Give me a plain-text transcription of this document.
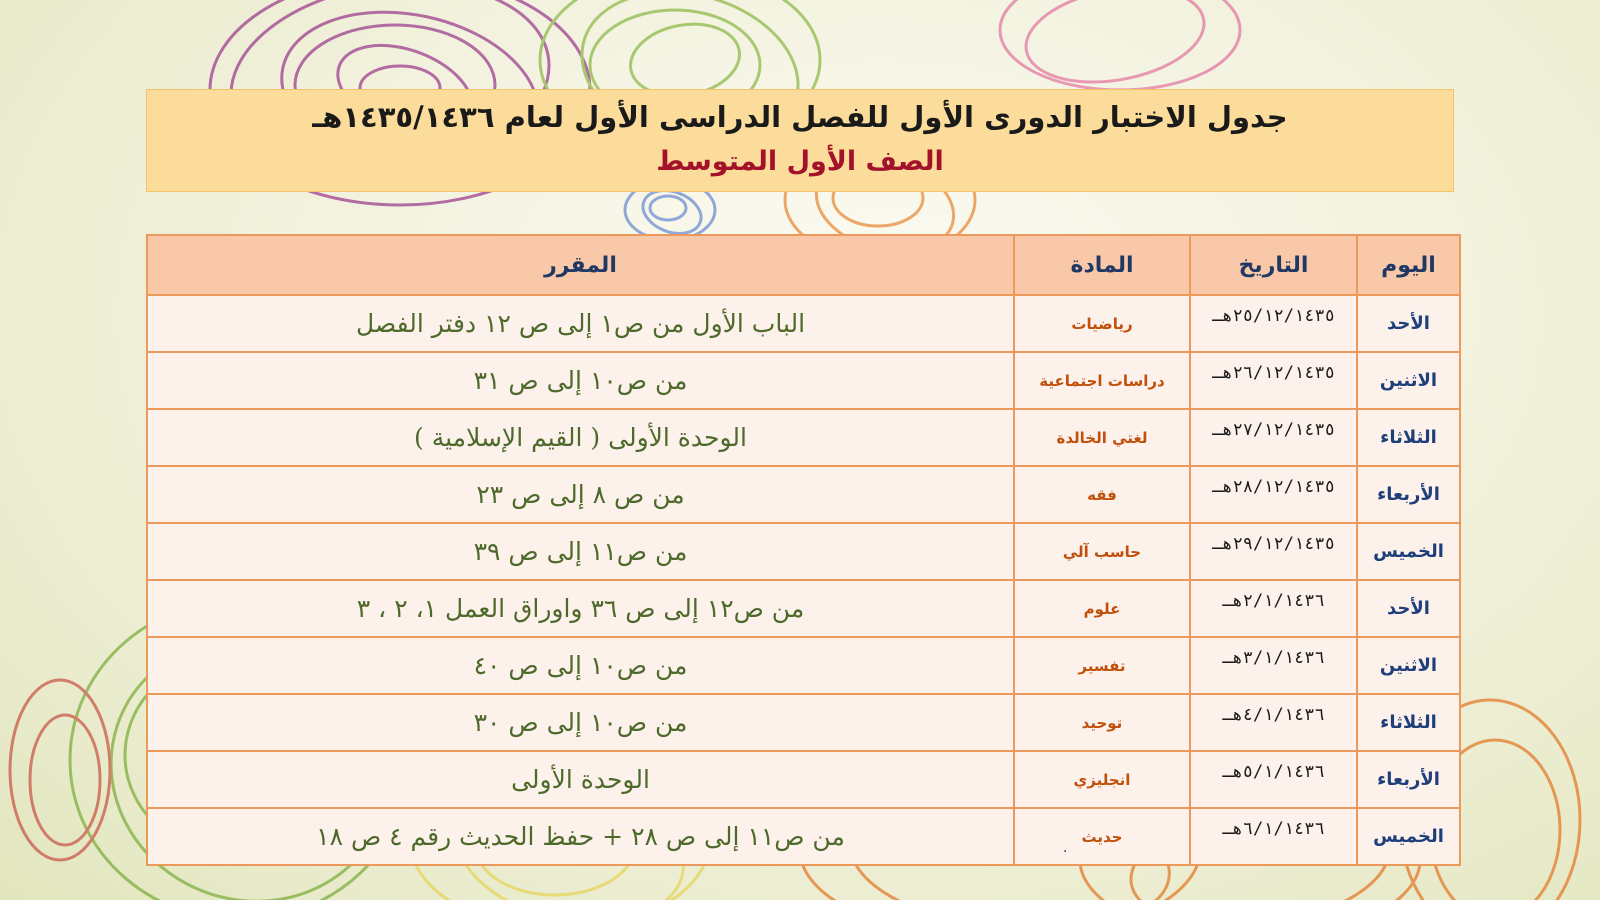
جدول الاختبار الدورى الأول للفصل الدراسى الأول لعام ١٤٣٥/١٤٣٦هـ
الصف الأول المتوسط
اليوم	التاريخ	المادة	المقرر
الأحد	٢٥/١٢/١٤٣٥هـ	رياضيات	الباب الأول من ص١ إلى ص ١٢ دفتر الفصل
الاثنين	٢٦/١٢/١٤٣٥هـ	دراسات اجتماعية	من ص١٠ إلى ص ٣١
الثلاثاء	٢٧/١٢/١٤٣٥هـ	لغتي الخالدة	الوحدة الأولى ( القيم الإسلامية )
الأربعاء	٢٨/١٢/١٤٣٥هـ	فقه	من ص ٨ إلى ص ٢٣
الخميس	٢٩/١٢/١٤٣٥هـ	حاسب آلي	من ص١١ إلى ص ٣٩
الأحد	٢/١/١٤٣٦هـ	علوم	من ص١٢ إلى ص ٣٦ واوراق العمل ١، ٢ ، ٣
الاثنين	٣/١/١٤٣٦هـ	تفسير	من ص١٠ إلى ص ٤٠
الثلاثاء	٤/١/١٤٣٦هـ	توحيد	من ص١٠ إلى ص ٣٠
الأربعاء	٥/١/١٤٣٦هـ	انجليزي	الوحدة الأولى
الخميس	٦/١/١٤٣٦هـ	حديث	من ص١١ إلى ص ٢٨ + حفظ الحديث رقم ٤ ص ١٨	.
